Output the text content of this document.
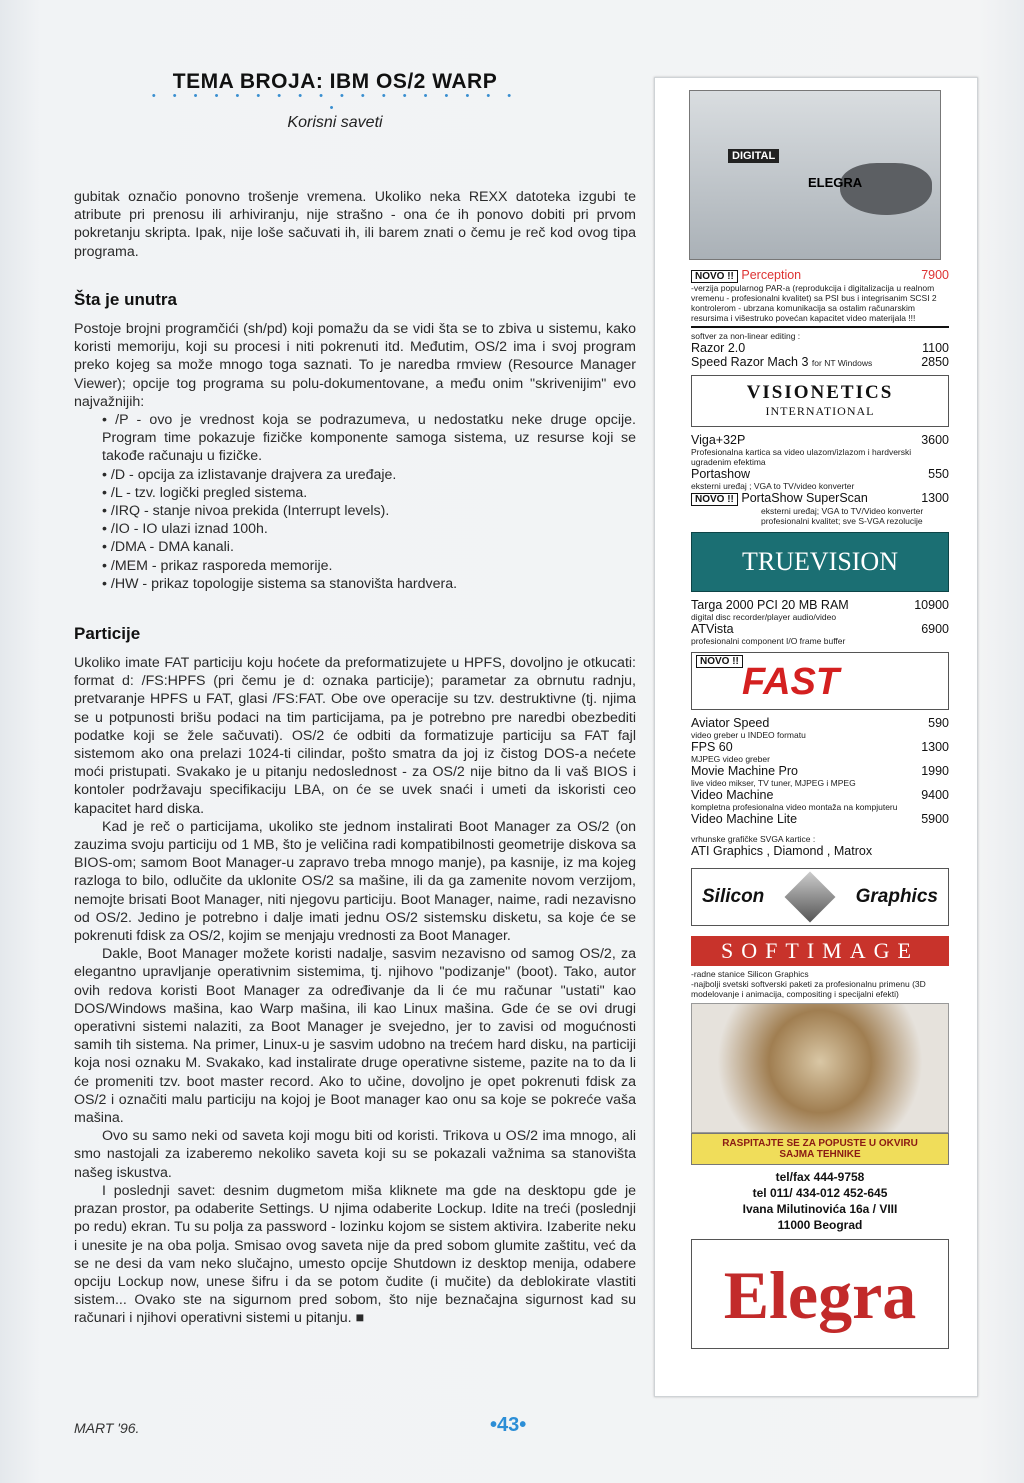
TEMA BROJA: IBM OS/2 WARP
• • • • • • • • • • • • • • • • • • •
Korisni saveti

gubitak označio ponovno trošenje vremena. Ukoliko neka REXX datoteka izgubi te atribute pri prenosu ili arhiviranju, nije strašno - ona će ih ponovo dobiti pri prvom pokretanju skripta. Ipak, nije loše sačuvati ih, ili barem znati o čemu je reč kod ovog tipa programa.

Šta je unutra

Postoje brojni programčići (sh/pd) koji pomažu da se vidi šta se to zbiva u sistemu, kako koristi memoriju, koji su procesi i niti pokrenuti itd. Međutim, OS/2 ima i svoj program preko kojeg sa može mnogo toga saznati. To je naredba rmview (Resource Manager Viewer); opcije tog programa su polu-dokumentovane, a među onim "skrivenijim" evo najvažnijih:

• /P - ovo je vrednost koja se podrazumeva, u nedostatku neke druge opcije. Program time pokazuje fizičke komponente samoga sistema, uz resurse koji se takođe računaju u fizičke.

• /D - opcija za izlistavanje drajvera za uređaje.

• /L - tzv. logički pregled sistema.

• /IRQ - stanje nivoa prekida (Interrupt levels).

• /IO - IO ulazi iznad 100h.

• /DMA - DMA kanali.

• /MEM - prikaz rasporeda memorije.

• /HW - prikaz topologije sistema sa stanovišta hardvera.

Particije

Ukoliko imate FAT particiju koju hoćete da preformatizujete u HPFS, dovoljno je otkucati: format d: /FS:HPFS (pri čemu je d: oznaka particije); parametar za obrnutu radnju, pretvaranje HPFS u FAT, glasi /FS:FAT. Obe ove operacije su tzv. destruktivne (tj. njima se u potpunosti brišu podaci na tim particijama, pa je potrebno pre naredbi obezbediti podatke koji se žele sačuvati). OS/2 će odbiti da formatizuje particiju sa FAT fajl sistemom ako ona prelazi 1024-ti cilindar, pošto smatra da joj iz čistog DOS-a nećete moći pristupati. Svakako je u pitanju nedoslednost - za OS/2 nije bitno da li vaš BIOS i kontoler podržavaju specifikaciju LBA, on će se uvek snaći i umeti da iskoristi ceo kapacitet hard diska.

Kad je reč o particijama, ukoliko ste jednom instalirati Boot Manager za OS/2 (on zauzima svoju particiju od 1 MB, što je veličina radi kompatibilnosti geometrije diskova sa BIOS-om; samom Boot Manager-u zapravo treba mnogo manje), pa kasnije, iz ma kojeg razloga to bilo, odlučite da uklonite OS/2 sa mašine, ili da ga zamenite novom verzijom, nemojte brisati Boot Manager, niti njegovu particiju. Boot Manager, naime, radi nezavisno od OS/2. Jedino je potrebno i dalje imati jednu OS/2 sistemsku disketu, sa koje će se pokrenuti fdisk za OS/2, kojim se menjaju vrednosti za Boot Manager.

Dakle, Boot Manager možete koristi nadalje, sasvim nezavisno od samog OS/2, za elegantno upravljanje operativnim sistemima, tj. njihovo "podizanje" (boot). Tako, autor ovih redova koristi Boot Manager za određivanje da li će mu računar "ustati" kao DOS/Windows mašina, kao Warp mašina, ili kao Linux mašina. Gde će se ovi drugi operativni sistemi nalaziti, za Boot Manager je svejedno, jer to zavisi od mogućnosti samih tih sistema. Na primer, Linux-u je sasvim udobno na trećem hard disku, na particiji koja nosi oznaku M. Svakako, kad instalirate druge operativne sisteme, pazite na to da li će promeniti tzv. boot master record. Ako to učine, dovoljno je opet pokrenuti fdisk za OS/2 i označiti malu particiju na kojoj je Boot manager kao onu sa koje se pokreće vaša mašina.

Ovo su samo neki od saveta koji mogu biti od koristi. Trikova u OS/2 ima mnogo, ali smo nastojali za izaberemo nekoliko saveta koji su se pokazali važnima sa stanovišta našeg iskustva.

I poslednji savet: desnim dugmetom miša kliknete ma gde na desktopu gde je prazan prostor, pa odaberite Settings. U njima odaberite Lockup. Idite na treći (poslednji po redu) ekran. Tu su polja za password - lozinku kojom se sistem aktivira. Izaberite neku i unesite je na oba polja. Smisao ovog saveta nije da pred sobom glumite zaštitu, već da se ne desi da vam neko slučajno, umesto opcije Shutdown iz desktop menija, odabere opciju Lockup now, unese šifru i da se potom čudite (i mučite) da deblokirate vlastiti sistem... Ovako ste na sigurnom pred sobom, što nije beznačajna sigurnost kad su računari i njihovi operativni sistemi u pitanju. ■

MART '96.	•43•
DIGITAL
ELEGRA
NOVO !! Perception	7900
-verzija popularnog PAR-a (reprodukcija i digitalizacija u realnom vremenu - profesionalni kvalitet) sa PSI bus i integrisanim SCSI 2 kontrolerom - ubrzana komunikacija sa ostalim računarskim resursima i višestruko povećan kapacitet video materijala !!!
softver za non-linear editing :
Razor 2.0	1100
Speed Razor Mach 3 for NT Windows	2850
VISIONETICS
INTERNATIONAL
Viga+32P	3600
Profesionalna kartica sa video ulazom/izlazom i hardverski ugradenim efektima
Portashow	550
eksterni uređaj ; VGA to TV/video konverter
NOVO !! PortaShow SuperScan	1300
eksterni uređaj; VGA to TV/Video konverter profesionalni kvalitet; sve S-VGA rezolucije
TRUEVISION
Targa 2000 PCI 20 MB RAM	10900
digital disc recorder/player audio/video
ATVista	6900
profesionalni component I/O frame buffer
NOVO !! FAST
Aviator Speed	590
video greber u INDEO formatu
FPS 60	1300
MJPEG video greber
Movie Machine Pro	1990
live video mikser, TV tuner, MJPEG i MPEG
Video Machine	9400
kompletna profesionalna video montaža na kompjuteru
Video Machine Lite	5900
vrhunske grafičke SVGA kartice :
ATI Graphics , Diamond , Matrox
Silicon	Graphics
SOFTIMAGE
-radne stanice Silicon Graphics
-najbolji svetski softverski paketi za profesionalnu primenu (3D modelovanje i animacija, compositing i specijalni efekti)
RASPITAJTE SE ZA POPUSTE U OKVIRU SAJMA TEHNIKE
tel/fax 444-9758
tel 011/ 434-012 452-645
Ivana Milutinovića 16a / VIII
11000 Beograd
Elegra
